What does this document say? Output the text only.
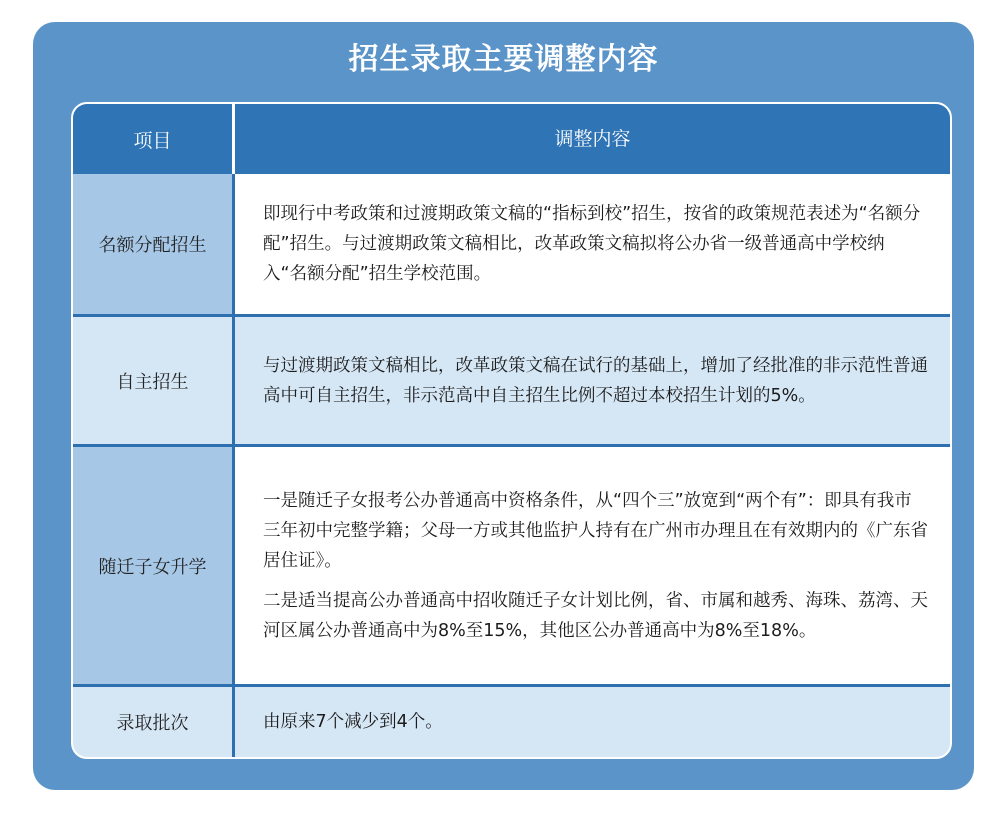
招生录取主要调整内容
项目	调整内容
名额分配招生

即现行中考政策和过渡期政策文稿的“指标到校”招生，按省的政策规范表述为“名额分配”招生。与过渡期政策文稿相比，改革政策文稿拟将公办省一级普通高中学校纳入“名额分配”招生学校范围。

自主招生

与过渡期政策文稿相比，改革政策文稿在试行的基础上，增加了经批准的非示范性普通高中可自主招生，非示范高中自主招生比例不超过本校招生计划的5%。

随迁子女升学

一是随迁子女报考公办普通高中资格条件，从“四个三”放宽到“两个有”：即具有我市三年初中完整学籍；父母一方或其他监护人持有在广州市办理且在有效期内的《广东省居住证》。

二是适当提高公办普通高中招收随迁子女计划比例，省、市属和越秀、海珠、荔湾、天河区属公办普通高中为8%至15%，其他区公办普通高中为8%至18%。

录取批次	由原来7个减少到4个。
